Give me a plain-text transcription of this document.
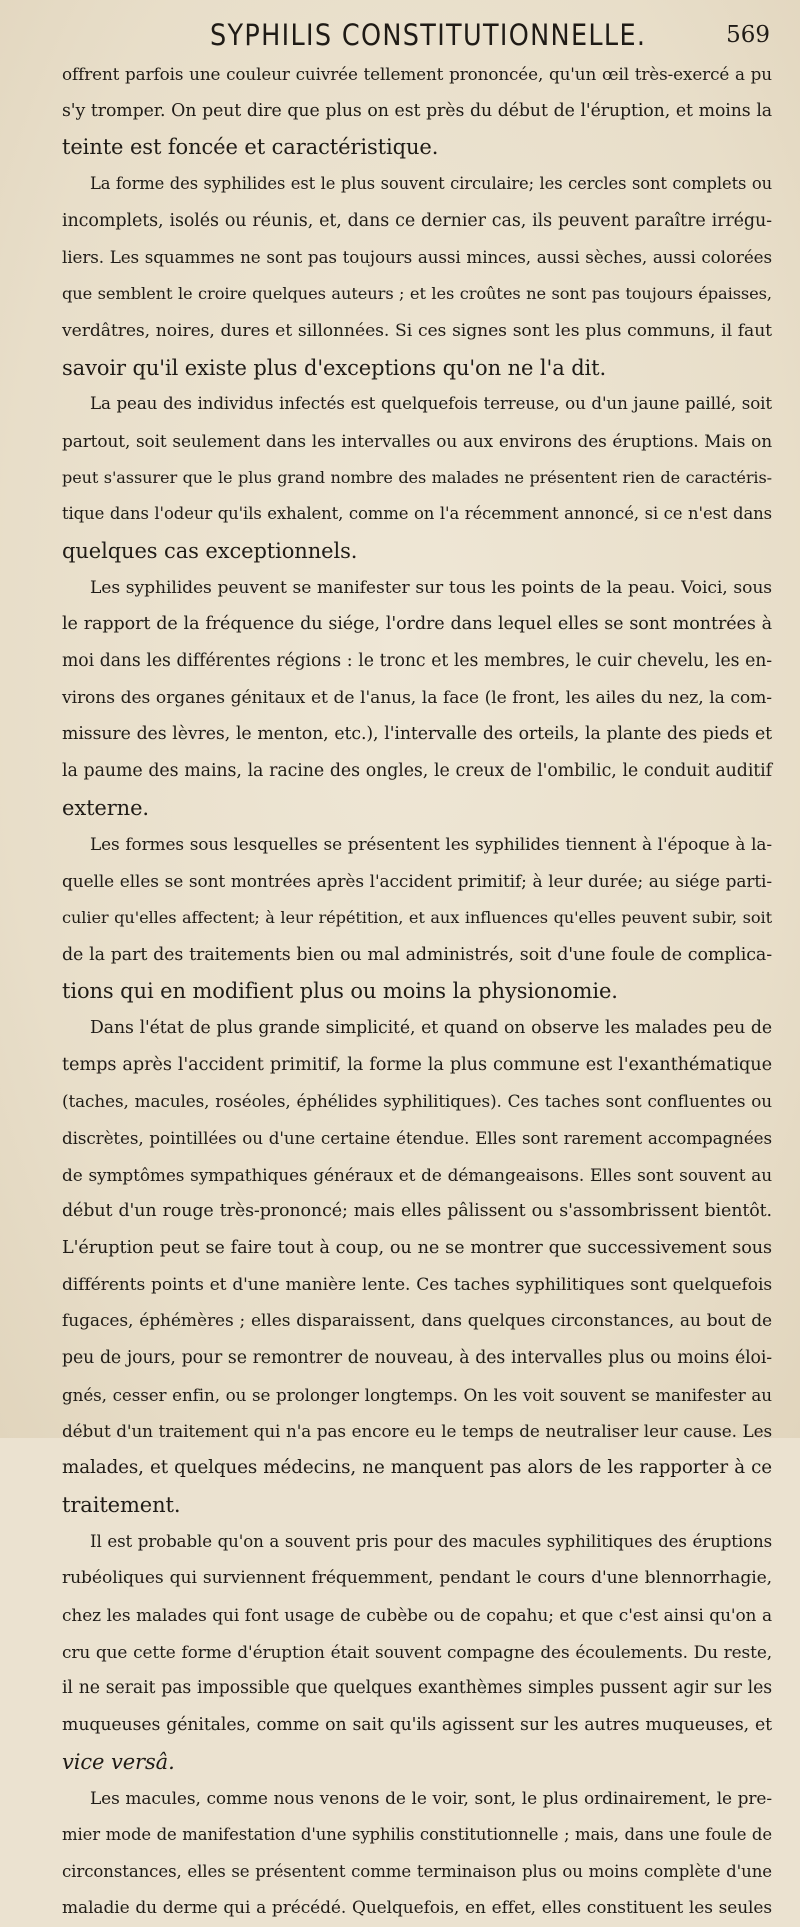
SYPHILIS CONSTITUTIONNELLE.	569
offrent parfois une couleur cuivrée tellement prononcée, qu'un œil très-exercé a pu
s'y tromper. On peut dire que plus on est près du début de l'éruption, et moins la
teinte est foncée et caractéristique.
La forme des syphilides est le plus souvent circulaire; les cercles sont complets ou
incomplets, isolés ou réunis, et, dans ce dernier cas, ils peuvent paraître irrégu-
liers. Les squammes ne sont pas toujours aussi minces, aussi sèches, aussi colorées
que semblent le croire quelques auteurs ; et les croûtes ne sont pas toujours épaisses,
verdâtres, noires, dures et sillonnées. Si ces signes sont les plus communs, il faut
savoir qu'il existe plus d'exceptions qu'on ne l'a dit.
La peau des individus infectés est quelquefois terreuse, ou d'un jaune paillé, soit
partout, soit seulement dans les intervalles ou aux environs des éruptions. Mais on
peut s'assurer que le plus grand nombre des malades ne présentent rien de caractéris-
tique dans l'odeur qu'ils exhalent, comme on l'a récemment annoncé, si ce n'est dans
quelques cas exceptionnels.
Les syphilides peuvent se manifester sur tous les points de la peau. Voici, sous
le rapport de la fréquence du siége, l'ordre dans lequel elles se sont montrées à
moi dans les différentes régions : le tronc et les membres, le cuir chevelu, les en-
virons des organes génitaux et de l'anus, la face (le front, les ailes du nez, la com-
missure des lèvres, le menton, etc.), l'intervalle des orteils, la plante des pieds et
la paume des mains, la racine des ongles, le creux de l'ombilic, le conduit auditif
externe.
Les formes sous lesquelles se présentent les syphilides tiennent à l'époque à la-
quelle elles se sont montrées après l'accident primitif; à leur durée; au siége parti-
culier qu'elles affectent; à leur répétition, et aux influences qu'elles peuvent subir, soit
de la part des traitements bien ou mal administrés, soit d'une foule de complica-
tions qui en modifient plus ou moins la physionomie.
Dans l'état de plus grande simplicité, et quand on observe les malades peu de
temps après l'accident primitif, la forme la plus commune est l'exanthématique
(taches, macules, roséoles, éphélides syphilitiques). Ces taches sont confluentes ou
discrètes, pointillées ou d'une certaine étendue. Elles sont rarement accompagnées
de symptômes sympathiques généraux et de démangeaisons. Elles sont souvent au
début d'un rouge très-prononcé; mais elles pâlissent ou s'assombrissent bientôt.
L'éruption peut se faire tout à coup, ou ne se montrer que successivement sous
différents points et d'une manière lente. Ces taches syphilitiques sont quelquefois
fugaces, éphémères ; elles disparaissent, dans quelques circonstances, au bout de
peu de jours, pour se remontrer de nouveau, à des intervalles plus ou moins éloi-
gnés, cesser enfin, ou se prolonger longtemps. On les voit souvent se manifester au
début d'un traitement qui n'a pas encore eu le temps de neutraliser leur cause. Les
malades, et quelques médecins, ne manquent pas alors de les rapporter à ce
traitement.
Il est probable qu'on a souvent pris pour des macules syphilitiques des éruptions
rubéoliques qui surviennent fréquemment, pendant le cours d'une blennorrhagie,
chez les malades qui font usage de cubèbe ou de copahu; et que c'est ainsi qu'on a
cru que cette forme d'éruption était souvent compagne des écoulements. Du reste,
il ne serait pas impossible que quelques exanthèmes simples pussent agir sur les
muqueuses génitales, comme on sait qu'ils agissent sur les autres muqueuses, et
vice versâ.
Les macules, comme nous venons de le voir, sont, le plus ordinairement, le pre-
mier mode de manifestation d'une syphilis constitutionnelle ; mais, dans une foule de
circonstances, elles se présentent comme terminaison plus ou moins complète d'une
maladie du derme qui a précédé. Quelquefois, en effet, elles constituent les seules
